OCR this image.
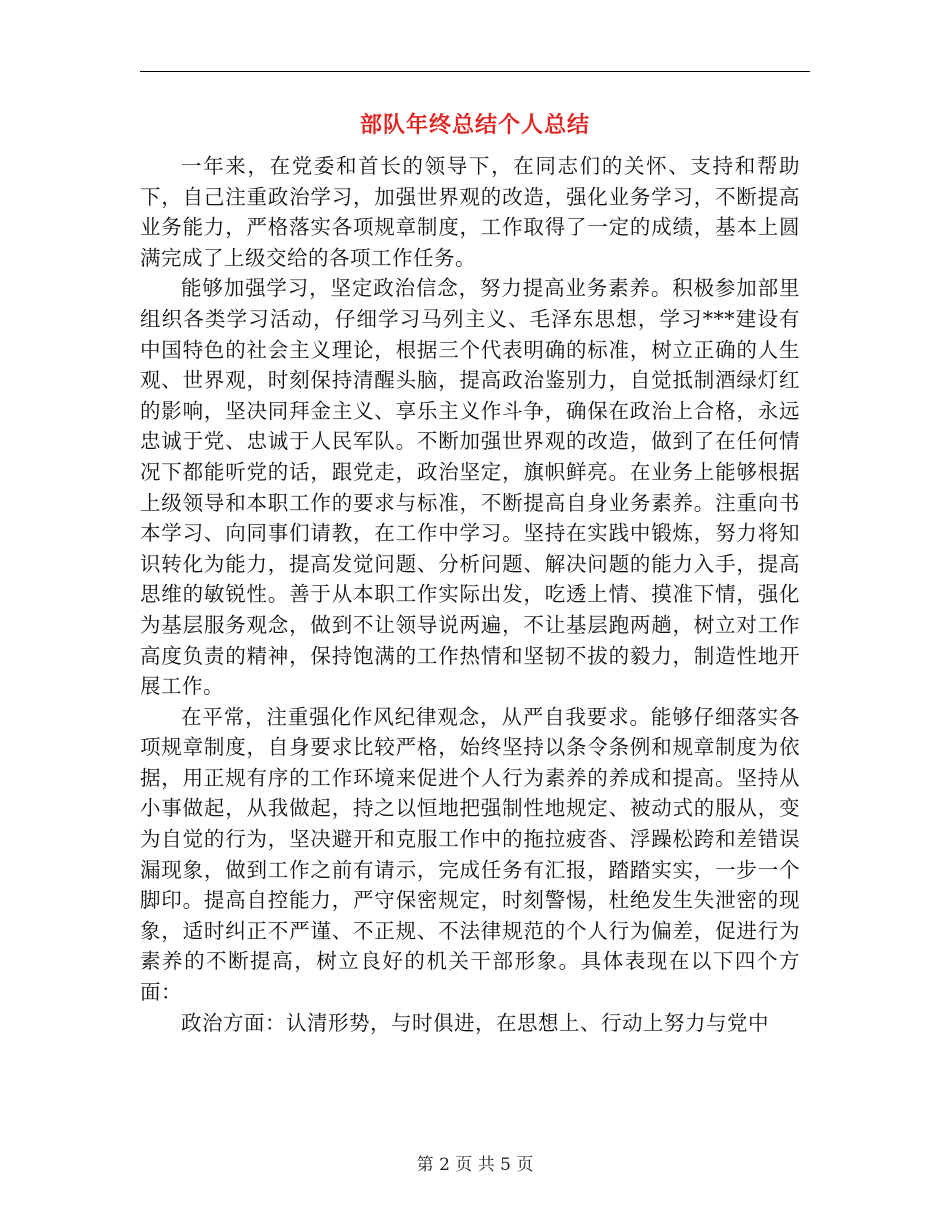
部队年终总结个人总结

一年来，在党委和首长的领导下，在同志们的关怀、支持和帮助下，自己注重政治学习，加强世界观的改造，强化业务学习，不断提高业务能力，严格落实各项规章制度，工作取得了一定的成绩，基本上圆满完成了上级交给的各项工作任务。

能够加强学习，坚定政治信念，努力提高业务素养。积极参加部里组织各类学习活动，仔细学习马列主义、毛泽东思想，学习***建设有中国特色的社会主义理论，根据三个代表明确的标准，树立正确的人生观、世界观，时刻保持清醒头脑，提高政治鉴别力，自觉抵制酒绿灯红的影响，坚决同拜金主义、享乐主义作斗争，确保在政治上合格，永远忠诚于党、忠诚于人民军队。不断加强世界观的改造，做到了在任何情况下都能听党的话，跟党走，政治坚定，旗帜鲜亮。在业务上能够根据上级领导和本职工作的要求与标准，不断提高自身业务素养。注重向书本学习、向同事们请教，在工作中学习。坚持在实践中锻炼，努力将知识转化为能力，提高发觉问题、分析问题、解决问题的能力入手，提高思维的敏锐性。善于从本职工作实际出发，吃透上情、摸准下情，强化为基层服务观念，做到不让领导说两遍，不让基层跑两趟，树立对工作高度负责的精神，保持饱满的工作热情和坚韧不拔的毅力，制造性地开展工作。

在平常，注重强化作风纪律观念，从严自我要求。能够仔细落实各项规章制度，自身要求比较严格，始终坚持以条令条例和规章制度为依据，用正规有序的工作环境来促进个人行为素养的养成和提高。坚持从小事做起，从我做起，持之以恒地把强制性地规定、被动式的服从，变为自觉的行为，坚决避开和克服工作中的拖拉疲沓、浮躁松跨和差错误漏现象，做到工作之前有请示，完成任务有汇报，踏踏实实，一步一个脚印。提高自控能力，严守保密规定，时刻警惕，杜绝发生失泄密的现象，适时纠正不严谨、不正规、不法律规范的个人行为偏差，促进行为素养的不断提高，树立良好的机关干部形象。具体表现在以下四个方面：

政治方面：认清形势，与时俱进，在思想上、行动上努力与党中

第 2 页 共 5 页
